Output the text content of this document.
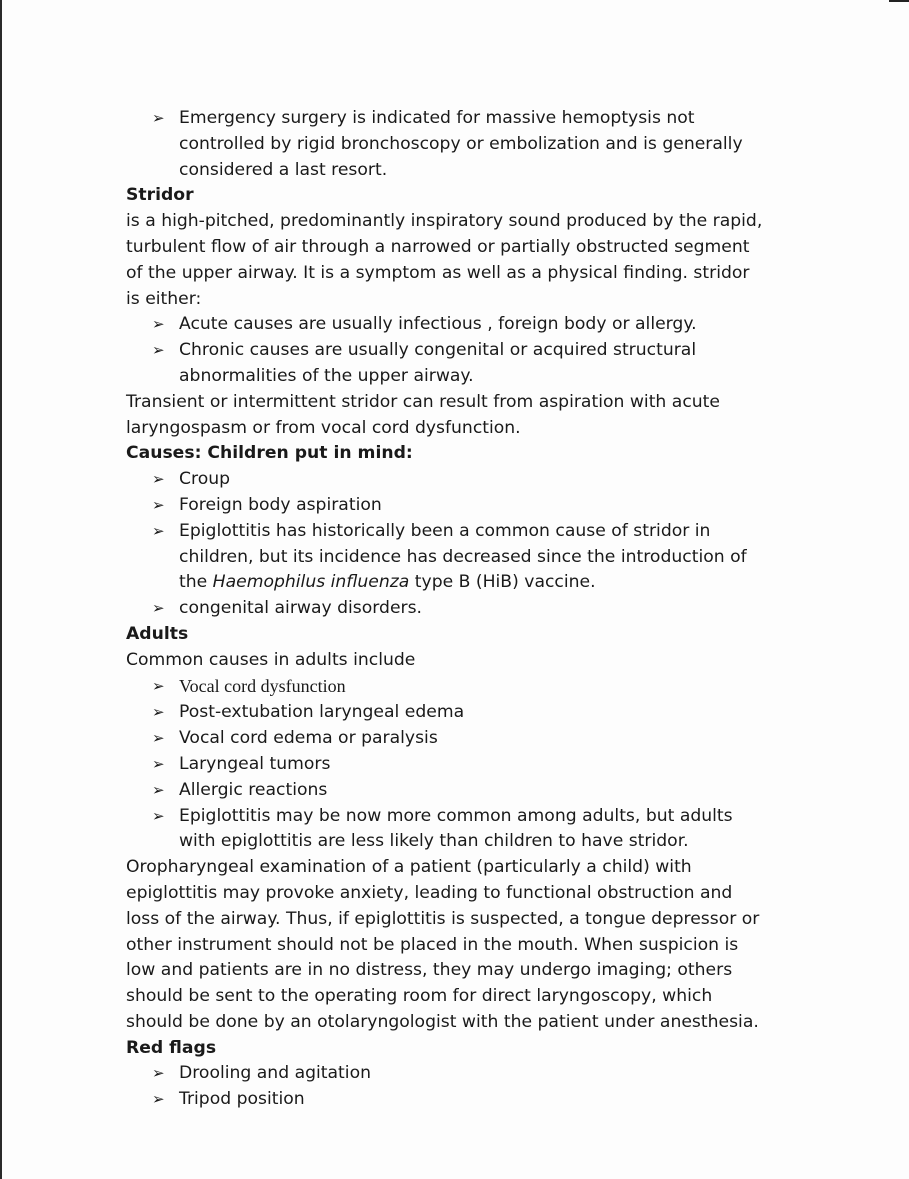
➢ Emergency surgery is indicated for massive hemoptysis not controlled by rigid bronchoscopy or embolization and is generally considered a last resort.

Stridor

is a high-pitched, predominantly inspiratory sound produced by the rapid, turbulent flow of air through a narrowed or partially obstructed segment of the upper airway. It is a symptom as well as a physical finding. stridor is either:

➢ Acute causes are usually infectious , foreign body or allergy.
➢ Chronic causes are usually congenital or acquired structural abnormalities of the upper airway.

Transient or intermittent stridor can result from aspiration with acute laryngospasm or from vocal cord dysfunction.

Causes: Children put in mind:

➢ Croup
➢ Foreign body aspiration
➢ Epiglottitis has historically been a common cause of stridor in children, but its incidence has decreased since the introduction of the Haemophilus influenza type B (HiB) vaccine.
➢ congenital airway disorders.

Adults

Common causes in adults include

➢ Vocal cord dysfunction
➢ Post-extubation laryngeal edema
➢ Vocal cord edema or paralysis
➢ Laryngeal tumors
➢ Allergic reactions
➢ Epiglottitis may be now more common among adults, but adults with epiglottitis are less likely than children to have stridor.

Oropharyngeal examination of a patient (particularly a child) with epiglottitis may provoke anxiety, leading to functional obstruction and loss of the airway. Thus, if epiglottitis is suspected, a tongue depressor or other instrument should not be placed in the mouth. When suspicion is low and patients are in no distress, they may undergo imaging; others should be sent to the operating room for direct laryngoscopy, which should be done by an otolaryngologist with the patient under anesthesia.

Red flags

➢ Drooling and agitation
➢ Tripod position
